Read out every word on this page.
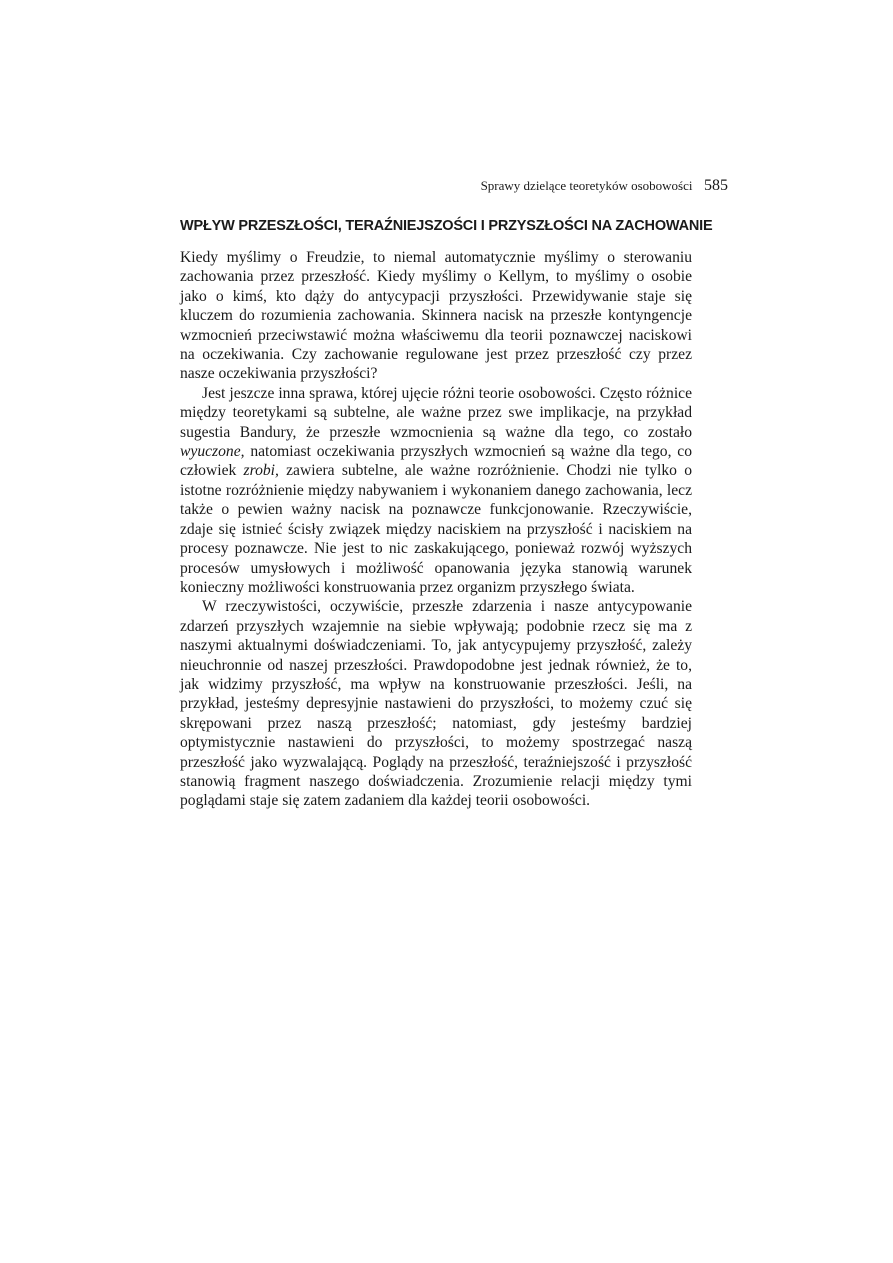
Sprawy dzielące teoretyków osobowości 585
WPŁYW PRZESZŁOŚCI, TERAŹNIEJSZOŚCI I PRZYSZŁOŚCI NA ZACHOWANIE

Kiedy myślimy o Freudzie, to niemal automatycznie myślimy o sterowaniu zachowania przez przeszłość. Kiedy myślimy o Kellym, to myślimy o osobie jako o kimś, kto dąży do antycypacji przyszłości. Przewidywanie staje się kluczem do rozumienia zachowania. Skinnera nacisk na przeszłe kontyngencje wzmocnień przeciwstawić można właściwemu dla teorii poznawczej naciskowi na oczekiwania. Czy zachowanie regulowane jest przez przeszłość czy przez nasze oczekiwania przyszłości?

Jest jeszcze inna sprawa, której ujęcie różni teorie osobowości. Często różnice między teoretykami są subtelne, ale ważne przez swe implikacje, na przykład sugestia Bandury, że przeszłe wzmocnienia są ważne dla tego, co zostało wyuczone, natomiast oczekiwania przyszłych wzmocnień są ważne dla tego, co człowiek zrobi, zawiera subtelne, ale ważne rozróżnienie. Chodzi nie tylko o istotne rozróżnienie między nabywaniem i wykonaniem danego zachowania, lecz także o pewien ważny nacisk na poznawcze funkcjonowanie. Rzeczywiście, zdaje się istnieć ścisły związek między naciskiem na przyszłość i naciskiem na procesy poznawcze. Nie jest to nic zaskakującego, ponieważ rozwój wyższych procesów umysłowych i możliwość opanowania języka stanowią warunek konieczny możliwości konstruowania przez organizm przyszłego świata.

W rzeczywistości, oczywiście, przeszłe zdarzenia i nasze antycypowanie zdarzeń przyszłych wzajemnie na siebie wpływają; podobnie rzecz się ma z naszymi aktualnymi doświadczeniami. To, jak antycypujemy przyszłość, zależy nieuchronnie od naszej przeszłości. Prawdopodobne jest jednak również, że to, jak widzimy przyszłość, ma wpływ na konstruowanie przeszłości. Jeśli, na przykład, jesteśmy depresyjnie nastawieni do przyszłości, to możemy czuć się skrępowani przez naszą przeszłość; natomiast, gdy jesteśmy bardziej optymistycznie nastawieni do przyszłości, to możemy spostrzegać naszą przeszłość jako wyzwalającą. Poglądy na przeszłość, teraźniejszość i przyszłość stanowią fragment naszego doświadczenia. Zrozumienie relacji między tymi poglądami staje się zatem zadaniem dla każdej teorii osobowości.
